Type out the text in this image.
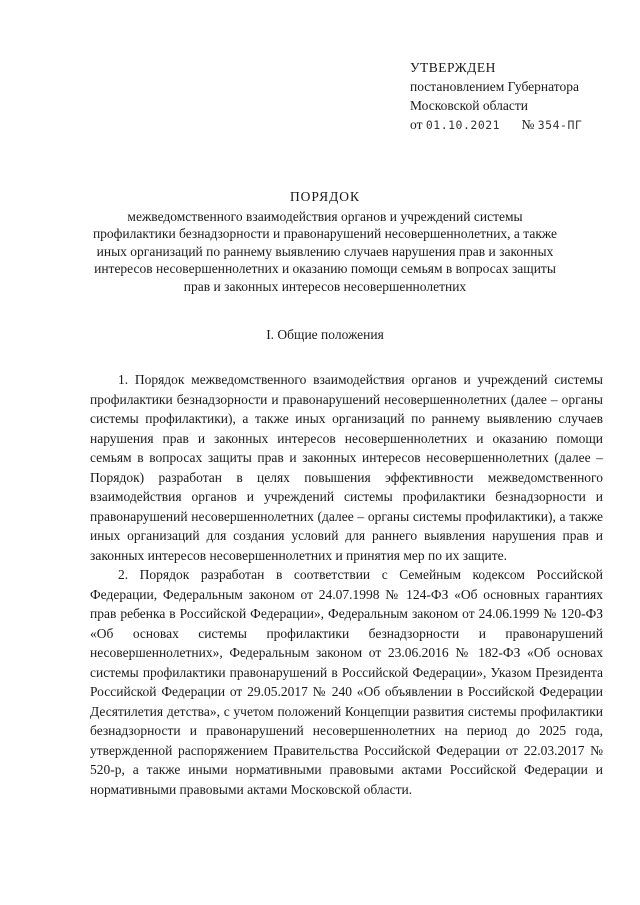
УТВЕРЖДЕН
постановлением Губернатора
Московской области
от 01.10.2021 № 354-ПГ
ПОРЯДОК
межведомственного взаимодействия органов и учреждений системы профилактики безнадзорности и правонарушений несовершеннолетних, а также иных организаций по раннему выявлению случаев нарушения прав и законных интересов несовершеннолетних и оказанию помощи семьям в вопросах защиты прав и законных интересов несовершеннолетних
I. Общие положения

1. Порядок межведомственного взаимодействия органов и учреждений системы профилактики безнадзорности и правонарушений несовершеннолетних (далее – органы системы профилактики), а также иных организаций по раннему выявлению случаев нарушения прав и законных интересов несовершеннолетних и оказанию помощи семьям в вопросах защиты прав и законных интересов несовершеннолетних (далее – Порядок) разработан в целях повышения эффективности межведомственного взаимодействия органов и учреждений системы профилактики безнадзорности и правонарушений несовершеннолетних (далее – органы системы профилактики), а также иных организаций для создания условий для раннего выявления нарушения прав и законных интересов несовершеннолетних и принятия мер по их защите.

2. Порядок разработан в соответствии с Семейным кодексом Российской Федерации, Федеральным законом от 24.07.1998 № 124-ФЗ «Об основных гарантиях прав ребенка в Российской Федерации», Федеральным законом от 24.06.1999 № 120-ФЗ «Об основах системы профилактики безнадзорности и правонарушений несовершеннолетних», Федеральным законом от 23.06.2016 № 182-ФЗ «Об основах системы профилактики правонарушений в Российской Федерации», Указом Президента Российской Федерации от 29.05.2017 № 240 «Об объявлении в Российской Федерации Десятилетия детства», с учетом положений Концепции развития системы профилактики безнадзорности и правонарушений несовершеннолетних на период до 2025 года, утвержденной распоряжением Правительства Российской Федерации от 22.03.2017 № 520-р, а также иными нормативными правовыми актами Российской Федерации и нормативными правовыми актами Московской области.
